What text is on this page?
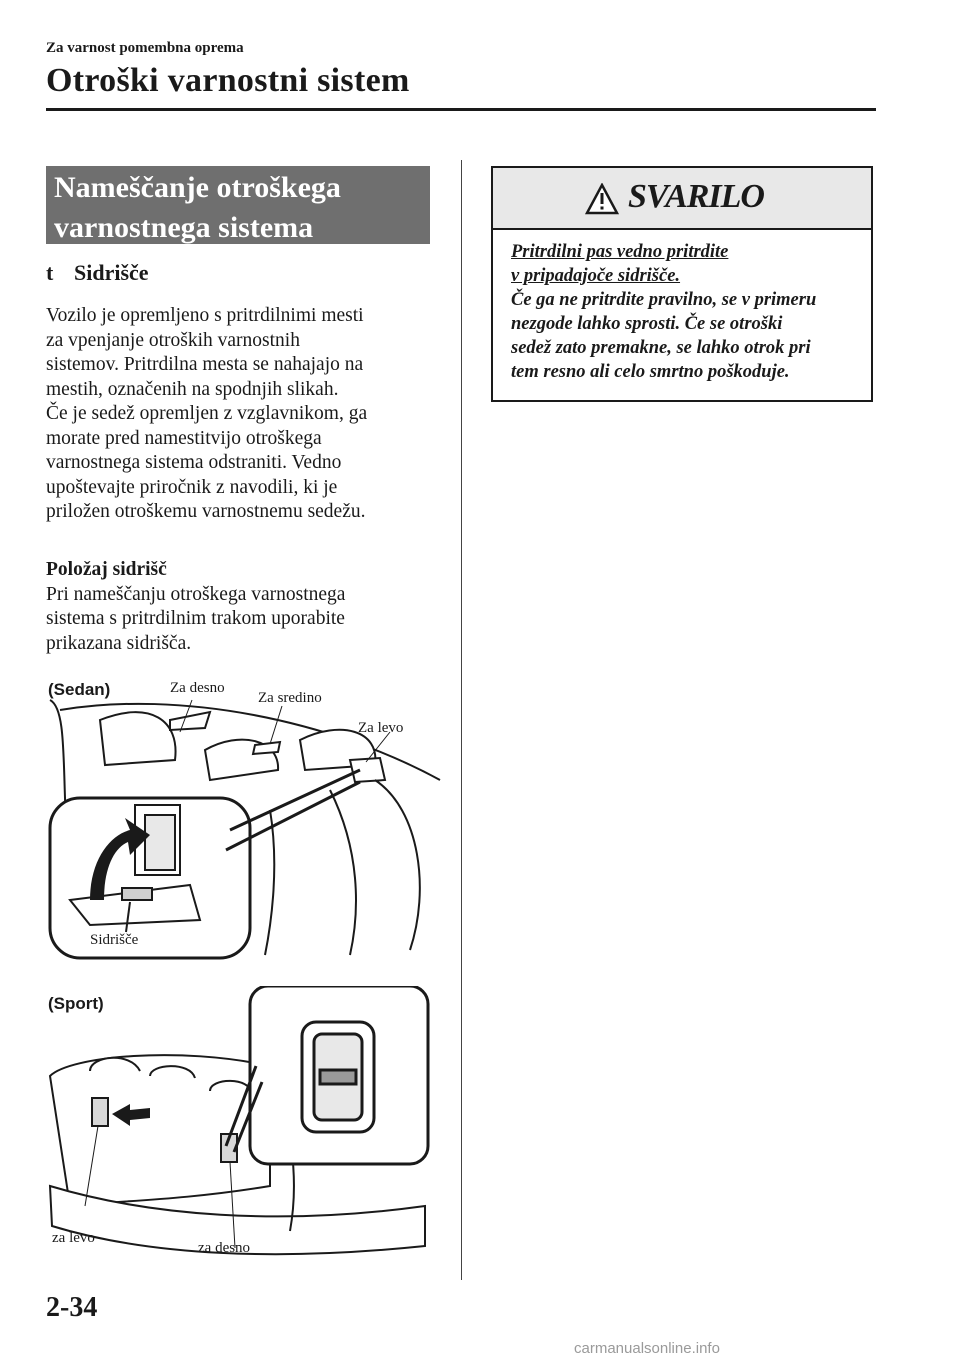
Za varnost pomembna oprema
Otroški varnostni sistem
Nameščanje otroškega
varnostnega sistema
t Sidrišče

Vozilo je opremljeno s pritrdilnimi mesti

za vpenjanje otroških varnostnih

sistemov. Pritrdilna mesta se nahajajo na

mestih, označenih na spodnjih slikah.

Če je sedež opremljen z vzglavnikom, ga

morate pred namestitvijo otroškega

varnostnega sistema odstraniti. Vedno

upoštevajte priročnik z navodili, ki je

priložen otroškemu varnostnemu sedežu.

Položaj sidrišč

Pri nameščanju otroškega varnostnega

sistema s pritrdilnim trakom uporabite

prikazana sidrišča.

(Sedan)	Za desno
Za sredino
Za levo
Sidrišče
(Sport)
za levo
za desno
SVARILO
Pritrdilni pas vedno pritrdite
v pripadajoče sidrišče.
Če ga ne pritrdite pravilno, se v primeru
nezgode lahko sprosti. Če se otroški
sedež zato premakne, se lahko otrok pri
tem resno ali celo smrtno poškoduje.
2-34
carmanualsonline.info
